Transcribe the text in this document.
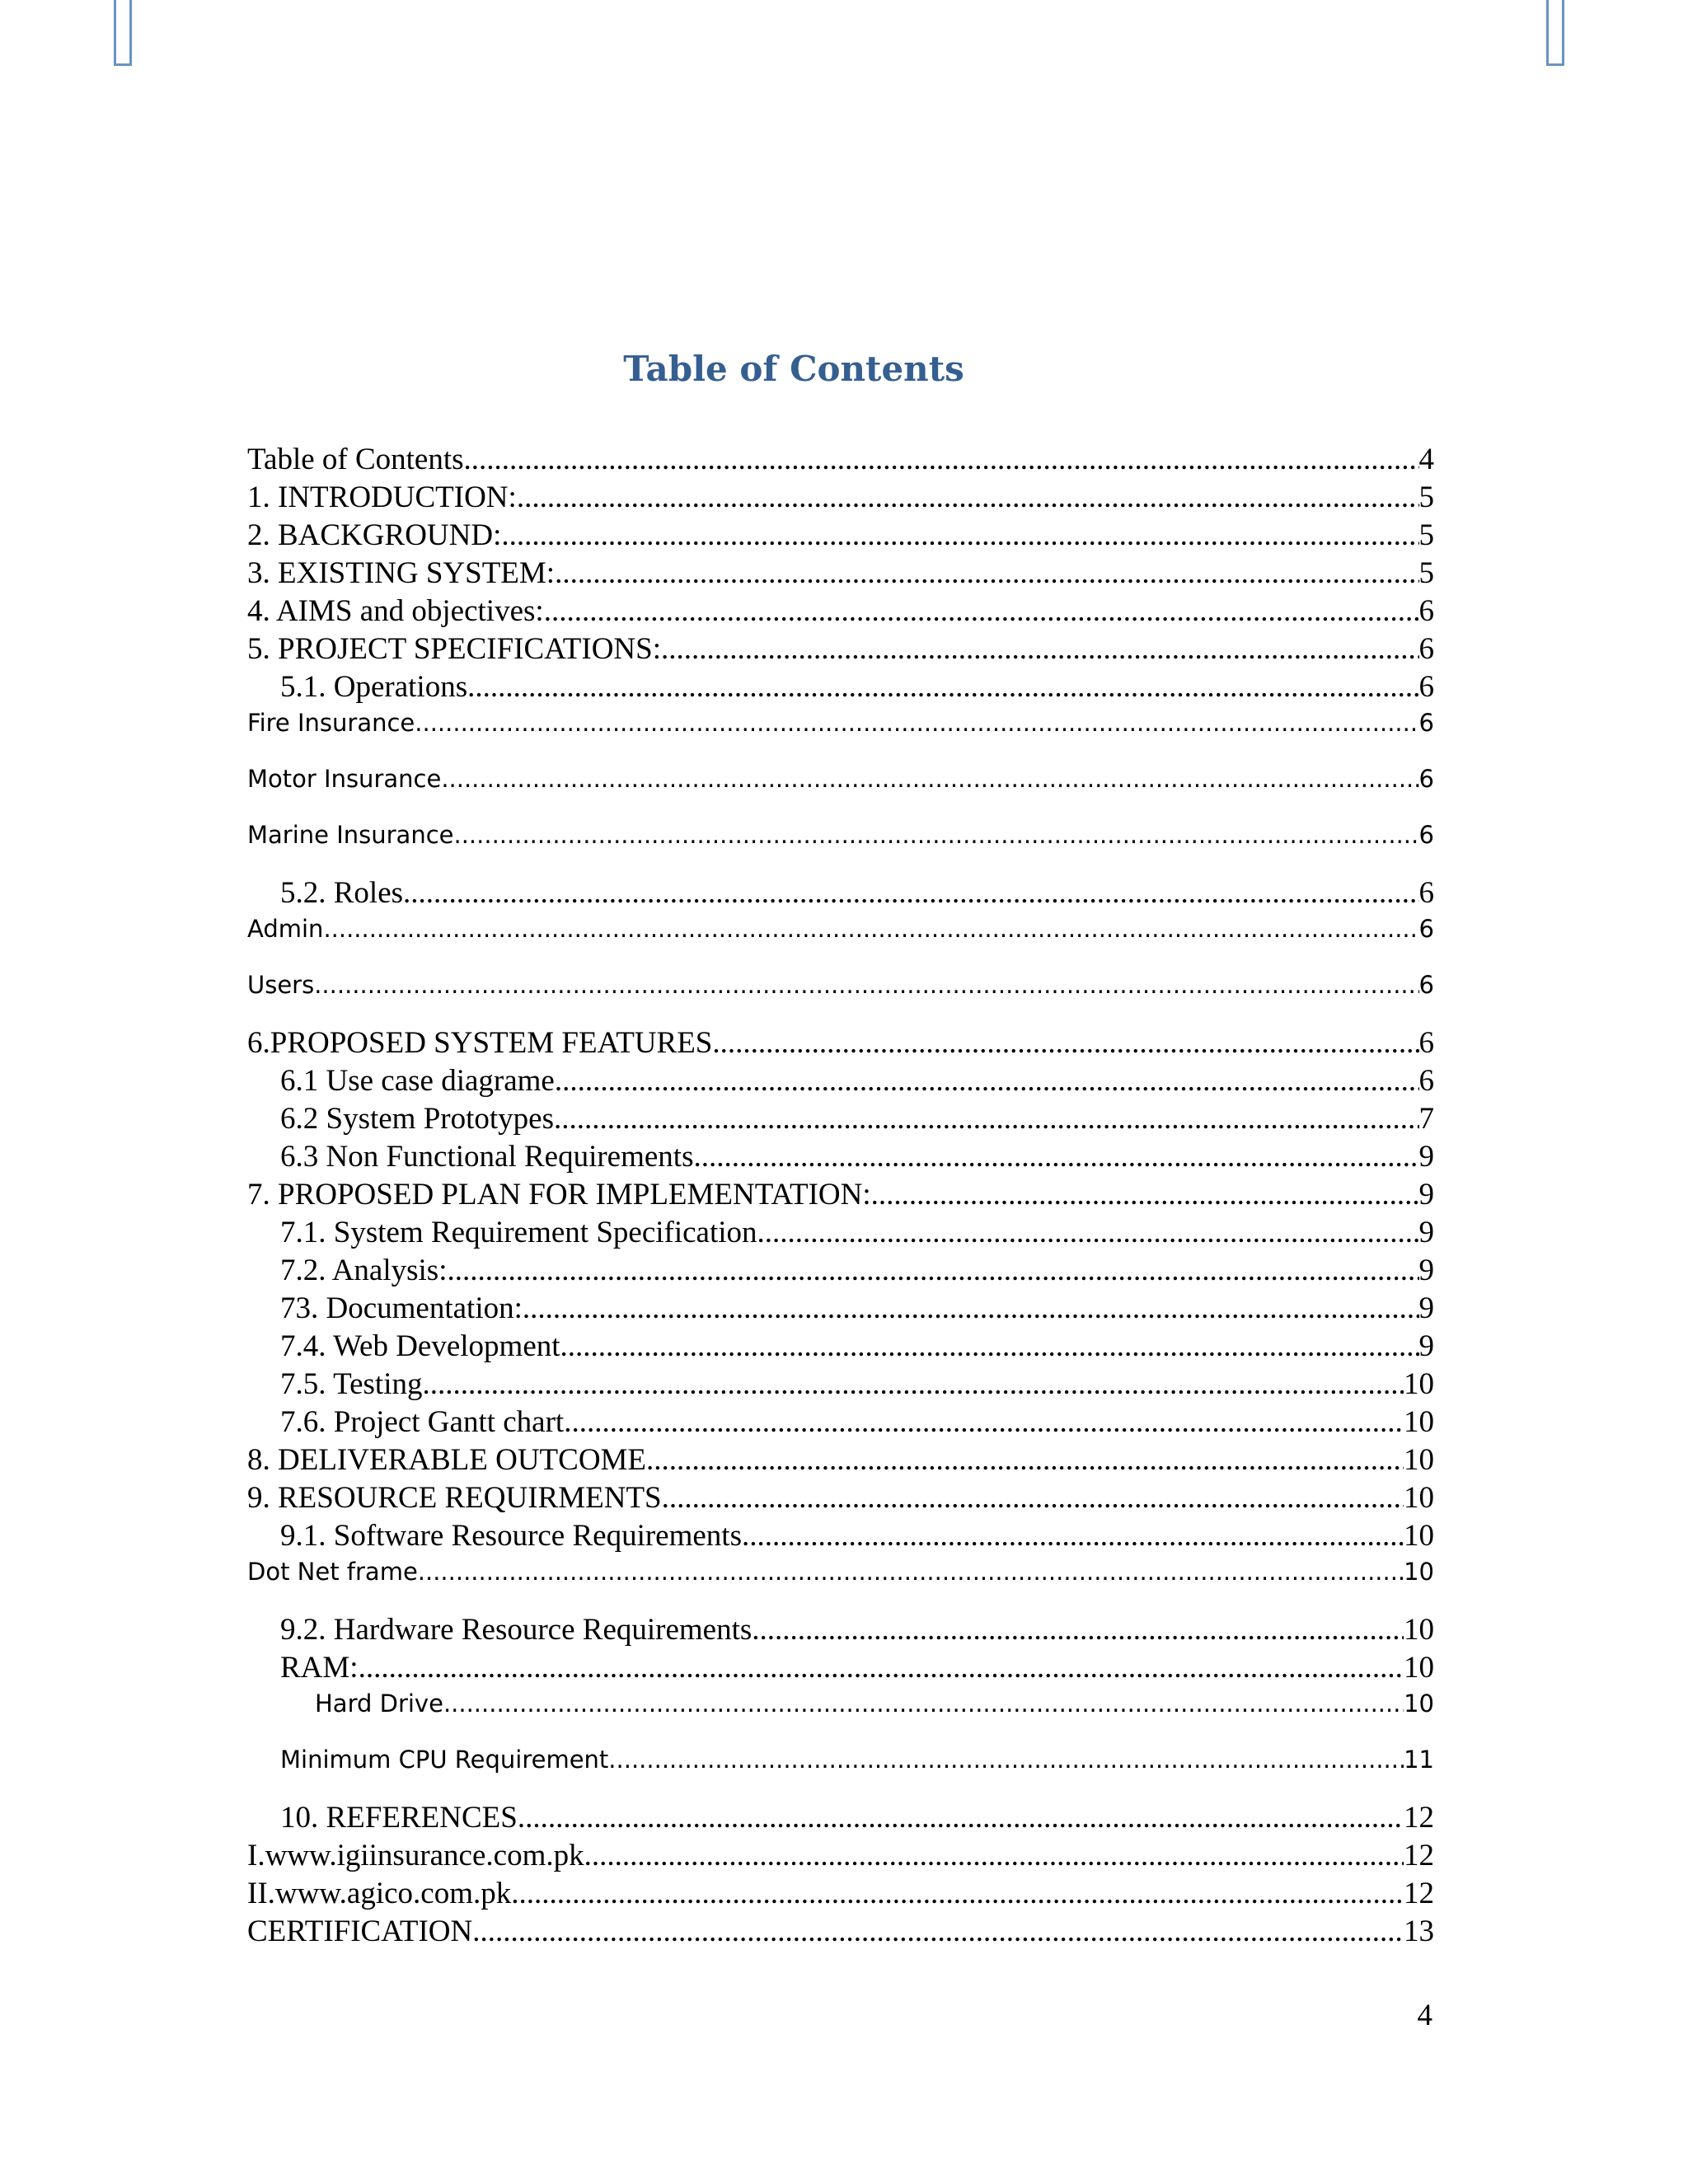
Table of Contents
Table of Contents .....	4
1. INTRODUCTION: .....	5
2. BACKGROUND: .....	5
3. EXISTING SYSTEM: .....	5
4. AIMS and objectives: .....	6
5. PROJECT SPECIFICATIONS: .....	6
5.1. Operations .....	6
Fire Insurance .....	6
Motor Insurance .....	6
Marine Insurance .....	6
5.2. Roles .....	6
Admin .....	6
Users .....	6
6.PROPOSED SYSTEM FEATURES .....	6
6.1 Use case diagrame .....	6
6.2 System Prototypes .....	7
6.3 Non Functional Requirements .....	9
7. PROPOSED PLAN FOR IMPLEMENTATION: .....	9
7.1. System Requirement Specification .....	9
7.2. Analysis: .....	9
73. Documentation: .....	9
7.4. Web Development .....	9
7.5. Testing .....	10
7.6. Project Gantt chart .....	10
8. DELIVERABLE OUTCOME .....	10
9. RESOURCE REQUIRMENTS .....	10
9.1. Software Resource Requirements .....	10
Dot Net frame .....	10
9.2. Hardware Resource Requirements .....	10
RAM: .....	10
Hard Drive .....	10
Minimum CPU Requirement .....	11
10. REFERENCES .....	12
I.www.igiinsurance.com.pk .....	12
II.www.agico.com.pk .....	12
CERTIFICATION .....	13
4
